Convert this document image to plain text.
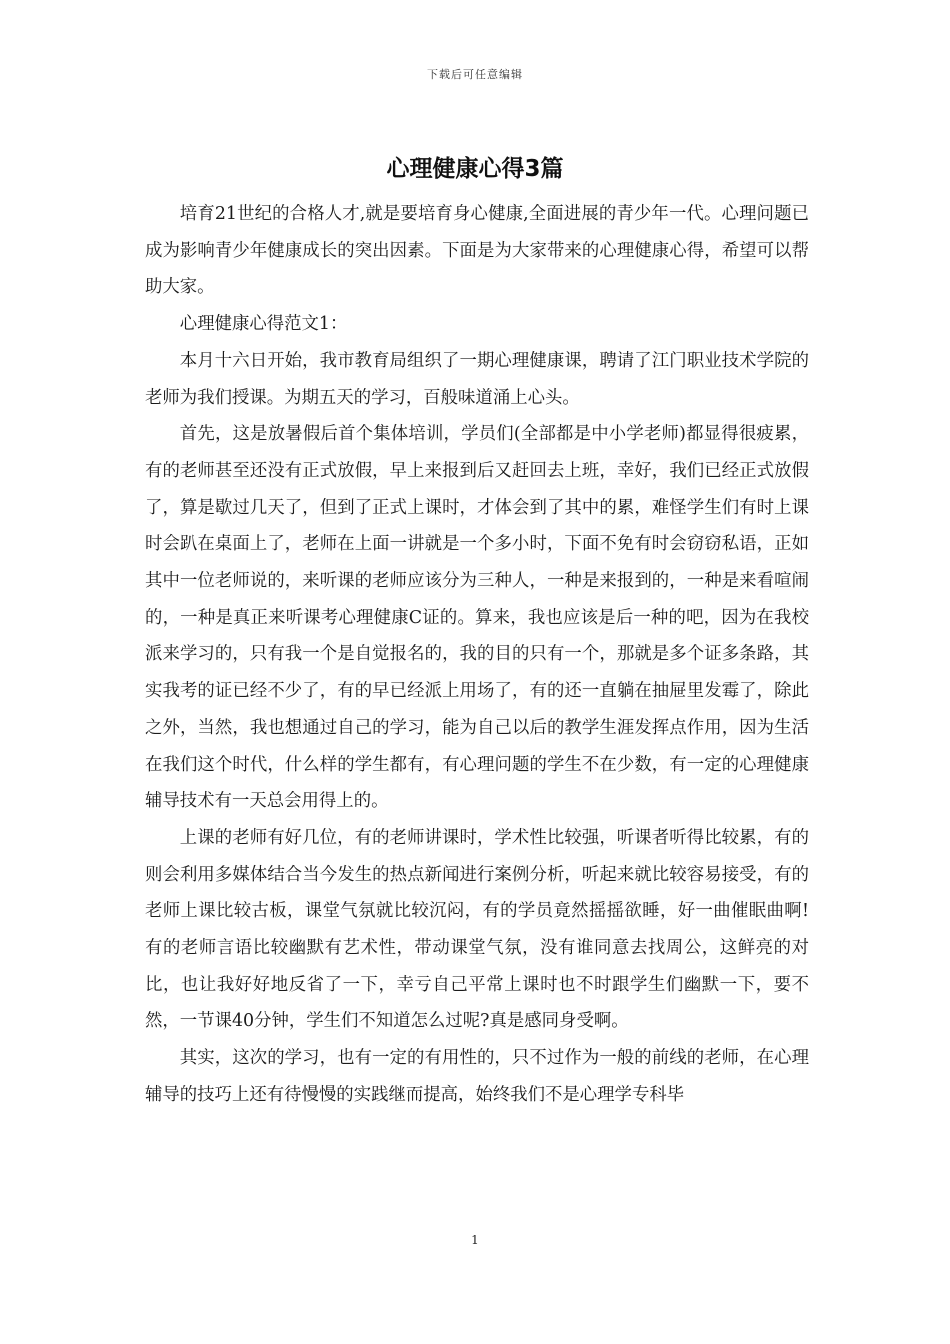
下载后可任意编辑
心理健康心得3篇

培育21世纪的合格人才,就是要培育身心健康,全面进展的青少年一代。心理问题已成为影响青少年健康成长的突出因素。下面是为大家带来的心理健康心得，希望可以帮助大家。

心理健康心得范文1：

本月十六日开始，我市教育局组织了一期心理健康课，聘请了江门职业技术学院的老师为我们授课。为期五天的学习，百般味道涌上心头。

首先，这是放暑假后首个集体培训，学员们(全部都是中小学老师)都显得很疲累，有的老师甚至还没有正式放假，早上来报到后又赶回去上班，幸好，我们已经正式放假了，算是歇过几天了，但到了正式上课时，才体会到了其中的累，难怪学生们有时上课时会趴在桌面上了，老师在上面一讲就是一个多小时，下面不免有时会窃窃私语，正如其中一位老师说的，来听课的老师应该分为三种人，一种是来报到的，一种是来看喧闹的，一种是真正来听课考心理健康C证的。算来，我也应该是后一种的吧，因为在我校派来学习的，只有我一个是自觉报名的，我的目的只有一个，那就是多个证多条路，其实我考的证已经不少了，有的早已经派上用场了，有的还一直躺在抽屉里发霉了，除此之外，当然，我也想通过自己的学习，能为自己以后的教学生涯发挥点作用，因为生活在我们这个时代，什么样的学生都有，有心理问题的学生不在少数，有一定的心理健康辅导技术有一天总会用得上的。

上课的老师有好几位，有的老师讲课时，学术性比较强，听课者听得比较累，有的则会利用多媒体结合当今发生的热点新闻进行案例分析，听起来就比较容易接受，有的老师上课比较古板，课堂气氛就比较沉闷，有的学员竟然摇摇欲睡，好一曲催眠曲啊!有的老师言语比较幽默有艺术性，带动课堂气氛，没有谁同意去找周公，这鲜亮的对比，也让我好好地反省了一下，幸亏自己平常上课时也不时跟学生们幽默一下，要不然，一节课40分钟，学生们不知道怎么过呢?真是感同身受啊。

其实，这次的学习，也有一定的有用性的，只不过作为一般的前线的老师，在心理辅导的技巧上还有待慢慢的实践继而提高，始终我们不是心理学专科毕

1
